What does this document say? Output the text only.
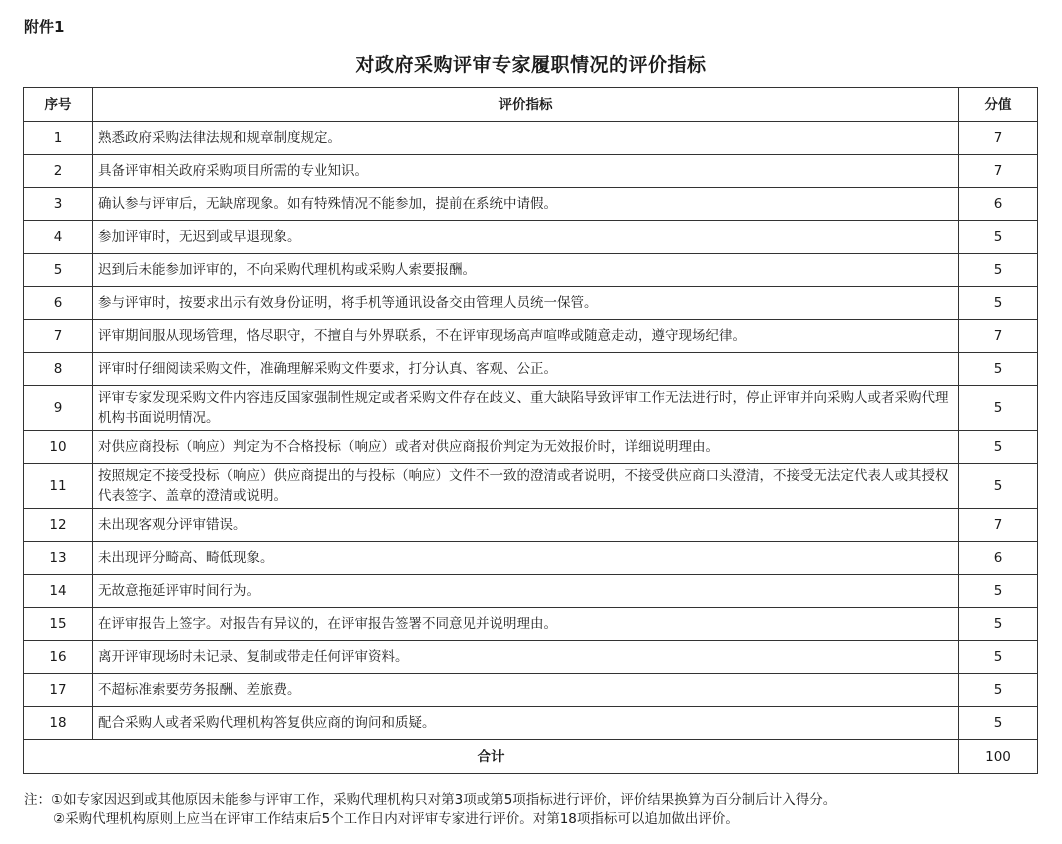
附件1
对政府采购评审专家履职情况的评价指标
序号	评价指标	分值
1	熟悉政府采购法律法规和规章制度规定。	7
2	具备评审相关政府采购项目所需的专业知识。	7
3	确认参与评审后，无缺席现象。如有特殊情况不能参加，提前在系统中请假。	6
4	参加评审时，无迟到或早退现象。	5
5	迟到后未能参加评审的，不向采购代理机构或采购人索要报酬。	5
6	参与评审时，按要求出示有效身份证明，将手机等通讯设备交由管理人员统一保管。	5
7	评审期间服从现场管理，恪尽职守，不擅自与外界联系，不在评审现场高声喧哗或随意走动，遵守现场纪律。	7
8	评审时仔细阅读采购文件，准确理解采购文件要求，打分认真、客观、公正。	5
9	评审专家发现采购文件内容违反国家强制性规定或者采购文件存在歧义、重大缺陷导致评审工作无法进行时，停止评审并向采购人或者采购代理机构书面说明情况。	5
10	对供应商投标（响应）判定为不合格投标（响应）或者对供应商报价判定为无效报价时，详细说明理由。	5
11	按照规定不接受投标（响应）供应商提出的与投标（响应）文件不一致的澄清或者说明，不接受供应商口头澄清，不接受无法定代表人或其授权代表签字、盖章的澄清或说明。	5
12	未出现客观分评审错误。	7
13	未出现评分畸高、畸低现象。	6
14	无故意拖延评审时间行为。	5
15	在评审报告上签字。对报告有异议的，在评审报告签署不同意见并说明理由。	5
16	离开评审现场时未记录、复制或带走任何评审资料。	5
17	不超标准索要劳务报酬、差旅费。	5
18	配合采购人或者采购代理机构答复供应商的询问和质疑。	5
合计		100
注：①如专家因迟到或其他原因未能参与评审工作，采购代理机构只对第3项或第5项指标进行评价，评价结果换算为百分制后计入得分。
②采购代理机构原则上应当在评审工作结束后5个工作日内对评审专家进行评价。对第18项指标可以追加做出评价。
